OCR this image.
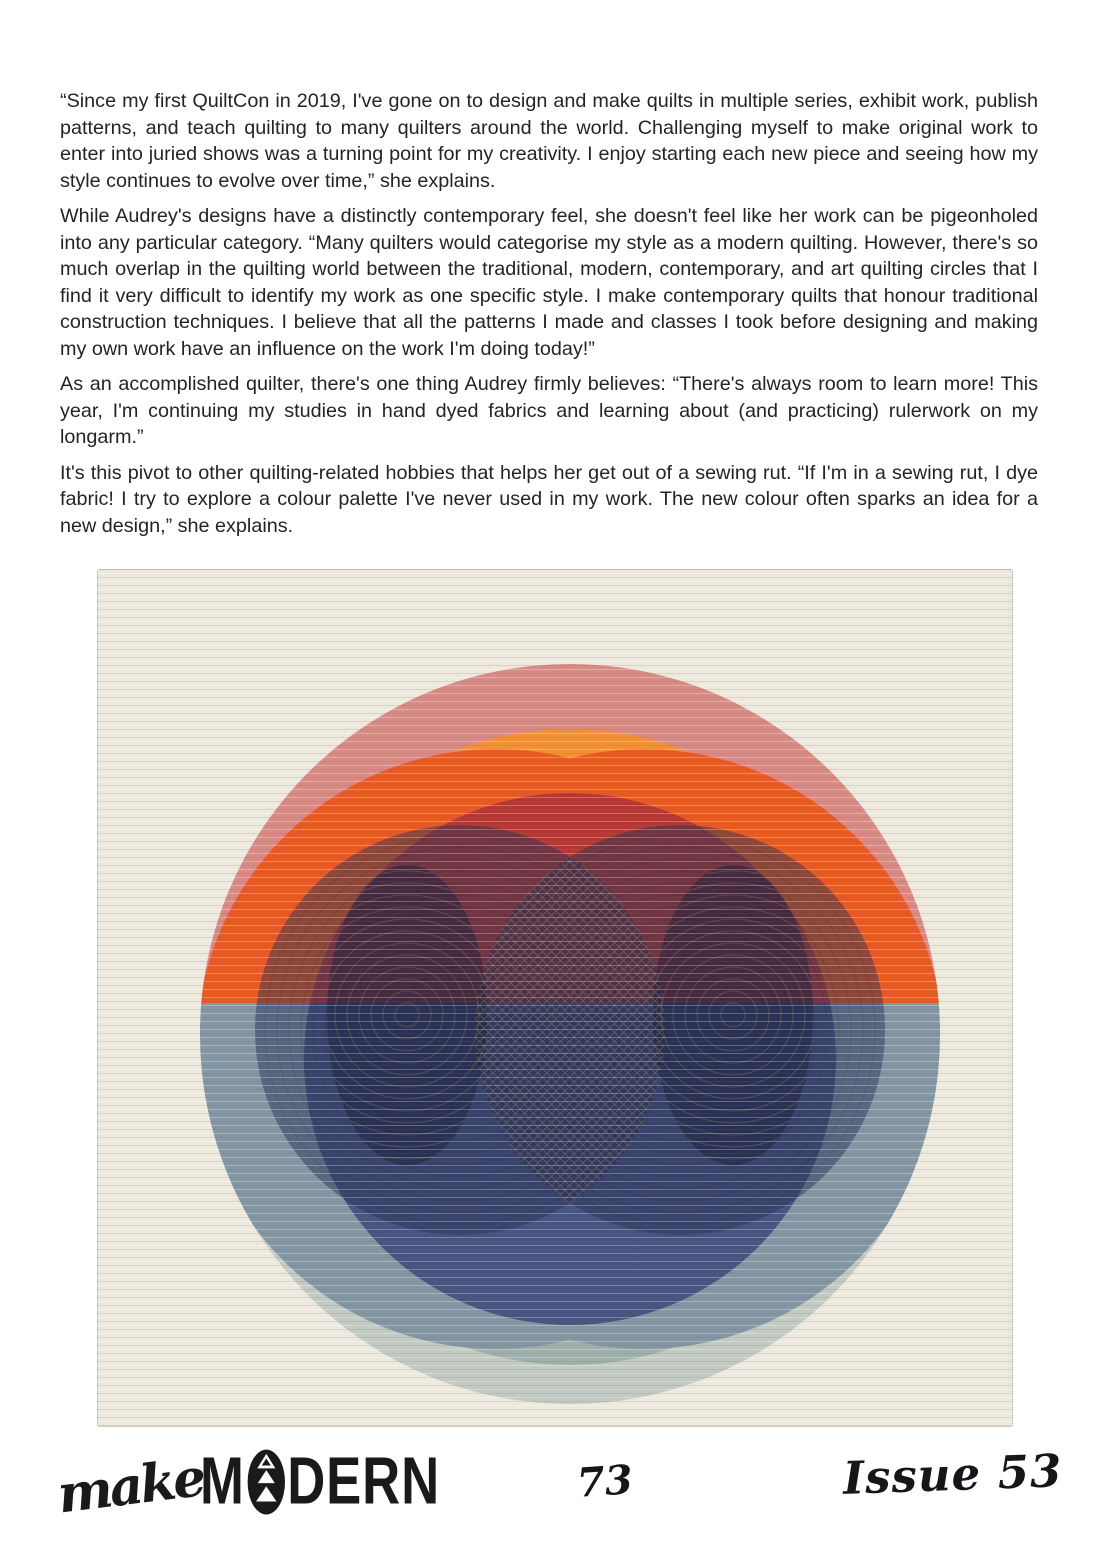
“Since my first QuiltCon in 2019, I've gone on to design and make quilts in multiple series, exhibit work, publish patterns, and teach quilting to many quilters around the world. Challenging myself to make original work to enter into juried shows was a turning point for my creativity. I enjoy starting each new piece and seeing how my style continues to evolve over time,” she explains.

While Audrey's designs have a distinctly contemporary feel, she doesn't feel like her work can be pigeonholed into any particular category. “Many quilters would categorise my style as a modern quilting. However, there's so much overlap in the quilting world between the traditional, modern, contemporary, and art quilting circles that I find it very difficult to identify my work as one specific style. I make contemporary quilts that honour traditional construction techniques. I believe that all the patterns I made and classes I took before designing and making my own work have an influence on the work I'm doing today!”

As an accomplished quilter, there's one thing Audrey firmly believes: “There's always room to learn more! This year, I'm continuing my studies in hand dyed fabrics and learning about (and practicing) rulerwork on my longarm.”

It's this pivot to other quilting-related hobbies that helps her get out of a sewing rut. “If I'm in a sewing rut, I dye fabric! I try to explore a colour palette I've never used in my work. The new colour often sparks an idea for a new design,” she explains.

make
M DERN	73	Issue 53
